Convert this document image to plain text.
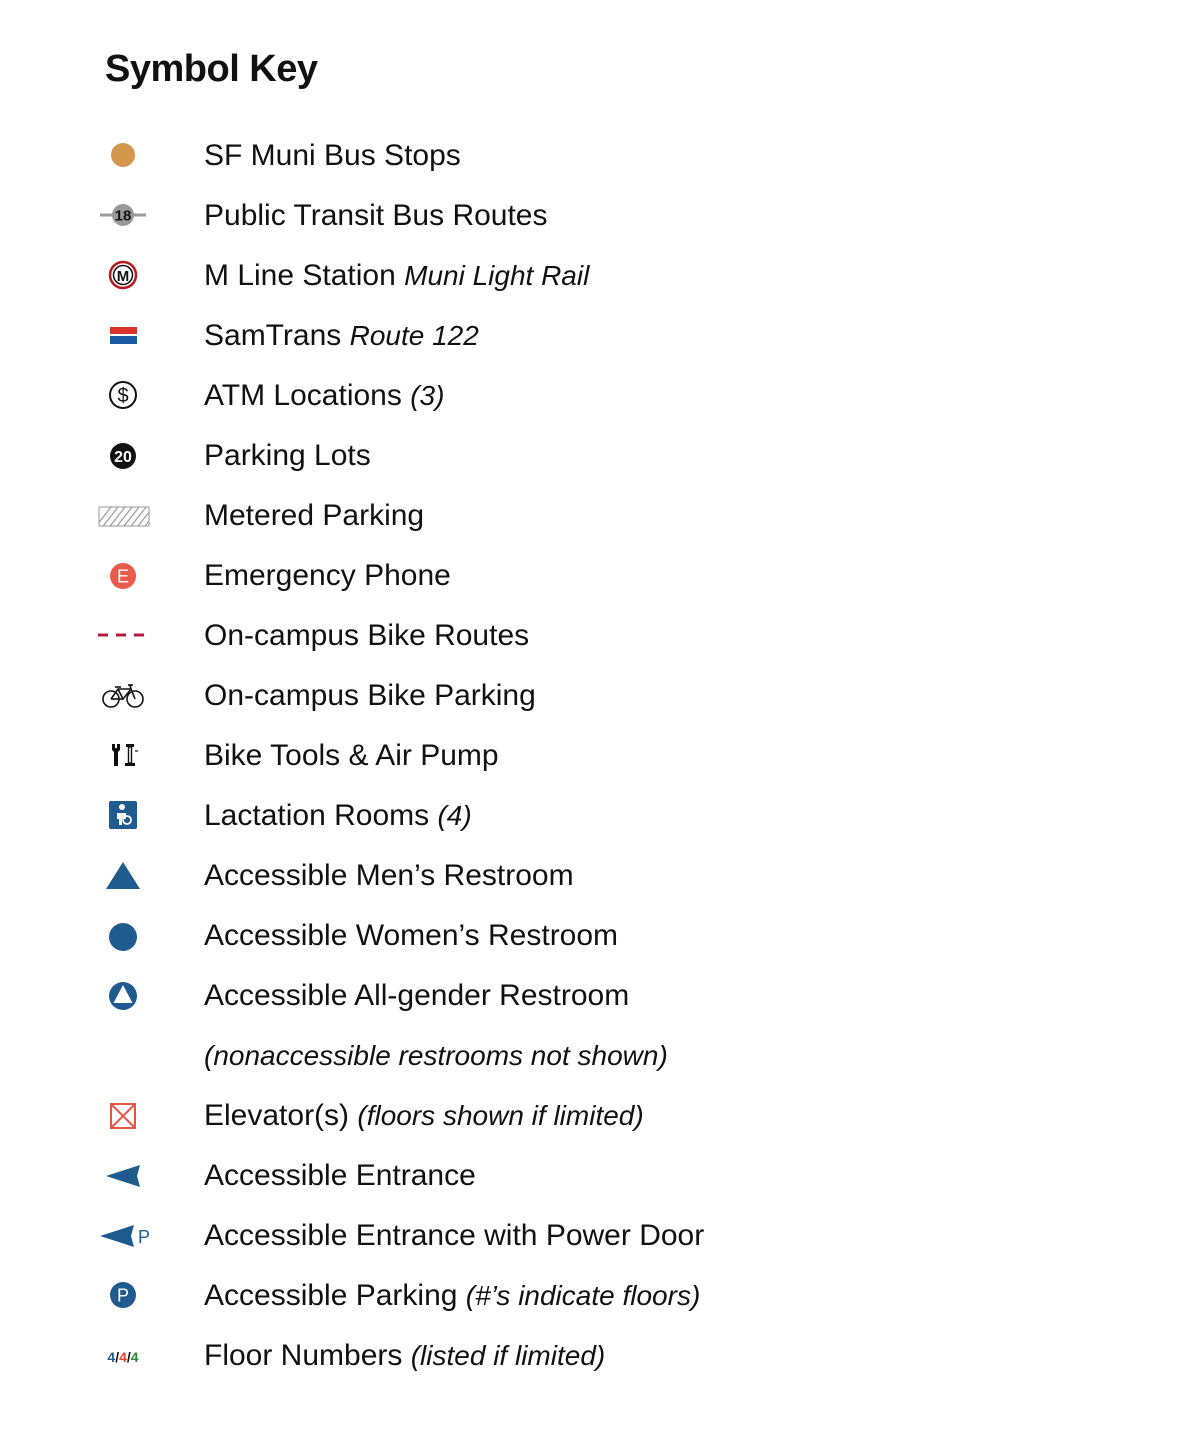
Symbol Key
SF Muni Bus Stops
18 Public Transit Bus Routes
M M Line Station Muni Light Rail
SamTrans Route 122
$	ATM Locations (3)
20 Parking Lots
Metered Parking
E Emergency Phone
On-campus Bike Routes
On-campus Bike Parking
Bike Tools & Air Pump
Lactation Rooms (4)
Accessible Men’s Restroom
Accessible Women’s Restroom
Accessible All-gender Restroom
(nonaccessible restrooms not shown)
Elevator(s) (floors shown if limited)
Accessible Entrance
P Accessible Entrance with Power Door
P Accessible Parking (#’s indicate floors)
4/4/4 Floor Numbers (listed if limited)
